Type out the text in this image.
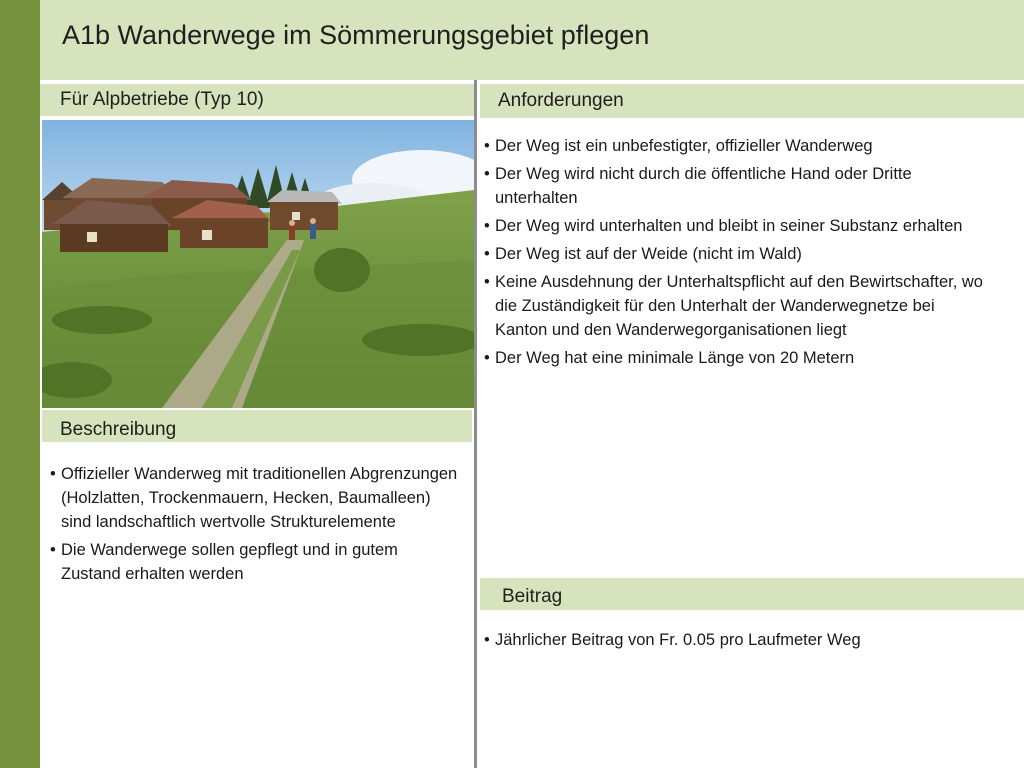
A1b Wanderwege im Sömmerungsgebiet pflegen
Für Alpbetriebe (Typ 10)	Anforderungen
Beschreibung
• Offizieller Wanderweg mit traditionellen Abgrenzungen (Holzlatten, Trockenmauern, Hecken, Baumalleen) sind landschaftlich wertvolle Strukturelemente
• Die Wanderwege sollen gepflegt und in gutem Zustand erhalten werden
• Der Weg ist ein unbefestigter, offizieller Wanderweg
• Der Weg wird nicht durch die öffentliche Hand oder Dritte unterhalten
• Der Weg wird unterhalten und bleibt in seiner Substanz erhalten
• Der Weg ist auf der Weide (nicht im Wald)
• Keine Ausdehnung der Unterhaltspflicht auf den Bewirtschafter, wo die Zuständigkeit für den Unterhalt der Wanderwegnetze bei Kanton und den Wanderwegorganisationen liegt
• Der Weg hat eine minimale Länge von 20 Metern
Beitrag
• Jährlicher Beitrag von Fr. 0.05 pro Laufmeter Weg
